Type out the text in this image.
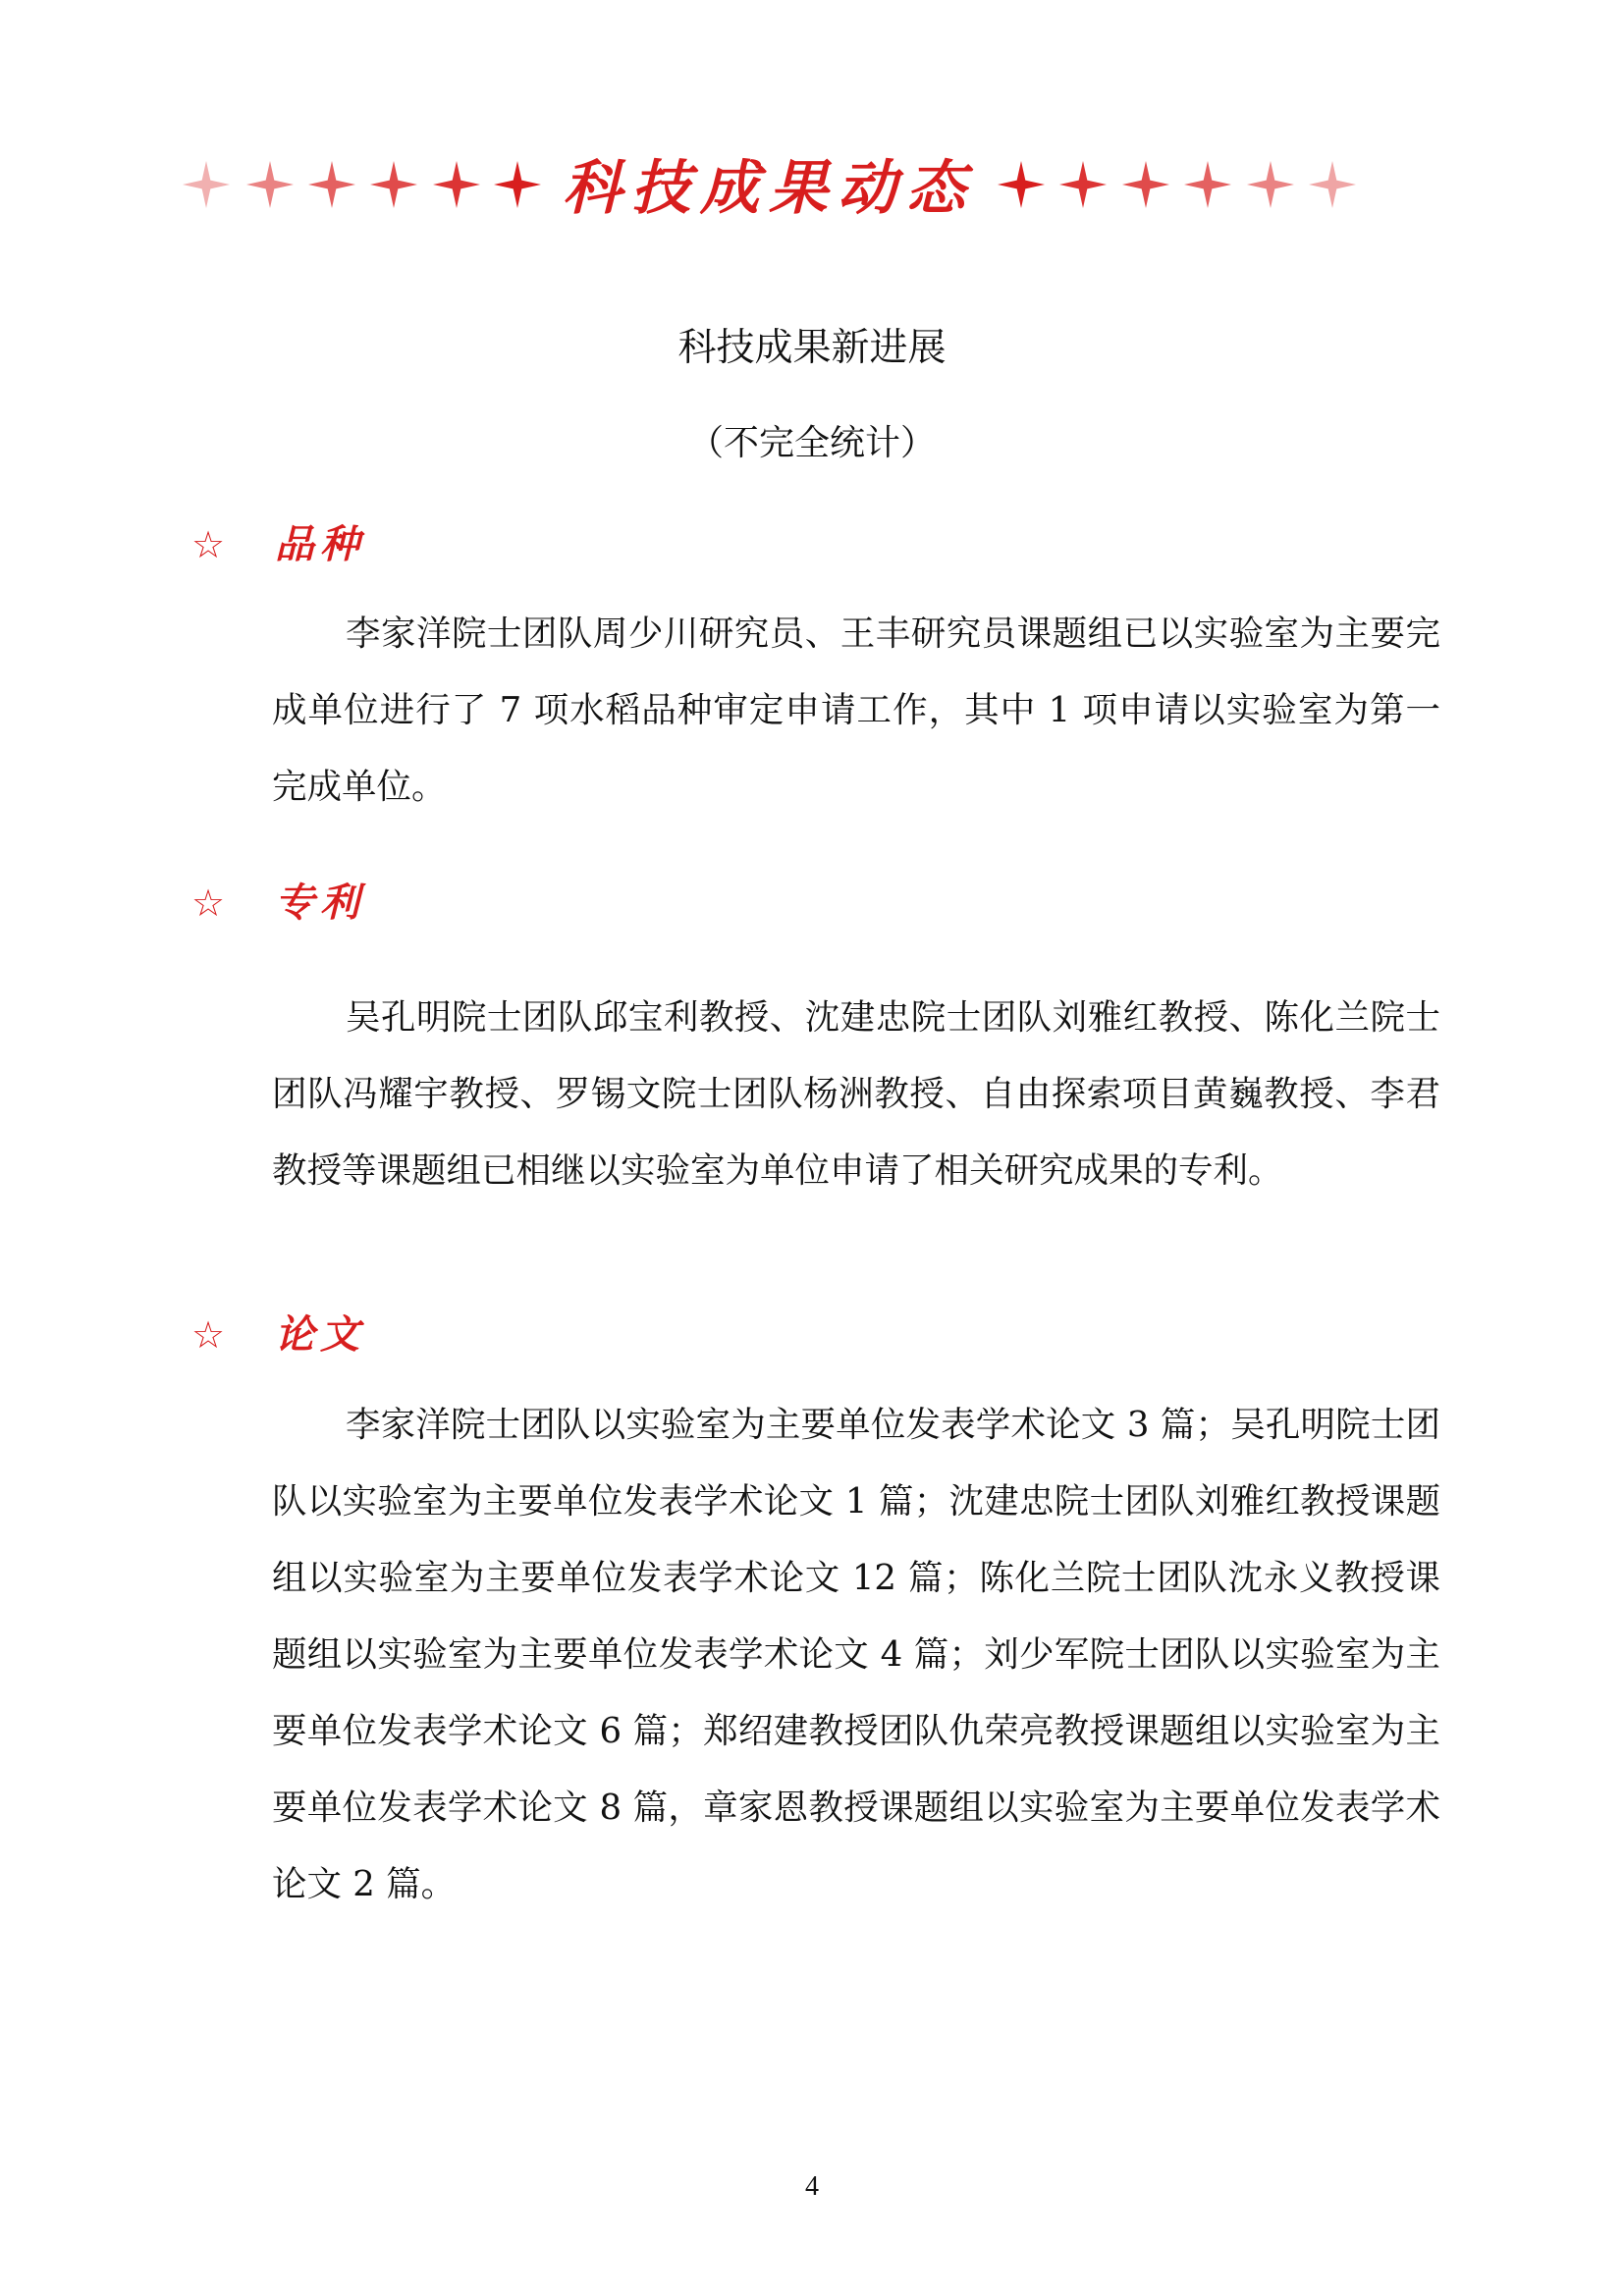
科技成果动态
科技成果新进展
（不完全统计）
☆	品种

李家洋院士团队周少川研究员、王丰研究员课题组已以实验室为主要完成单位进行了 7 项水稻品种审定申请工作，其中 1 项申请以实验室为第一完成单位。

☆	专利

吴孔明院士团队邱宝利教授、沈建忠院士团队刘雅红教授、陈化兰院士团队冯耀宇教授、罗锡文院士团队杨洲教授、自由探索项目黄巍教授、李君教授等课题组已相继以实验室为单位申请了相关研究成果的专利。

☆	论文

李家洋院士团队以实验室为主要单位发表学术论文 3 篇；吴孔明院士团队以实验室为主要单位发表学术论文 1 篇；沈建忠院士团队刘雅红教授课题组以实验室为主要单位发表学术论文 12 篇；陈化兰院士团队沈永义教授课题组以实验室为主要单位发表学术论文 4 篇；刘少军院士团队以实验室为主要单位发表学术论文 6 篇；郑绍建教授团队仇荣亮教授课题组以实验室为主要单位发表学术论文 8 篇，章家恩教授课题组以实验室为主要单位发表学术论文 2 篇。

4
